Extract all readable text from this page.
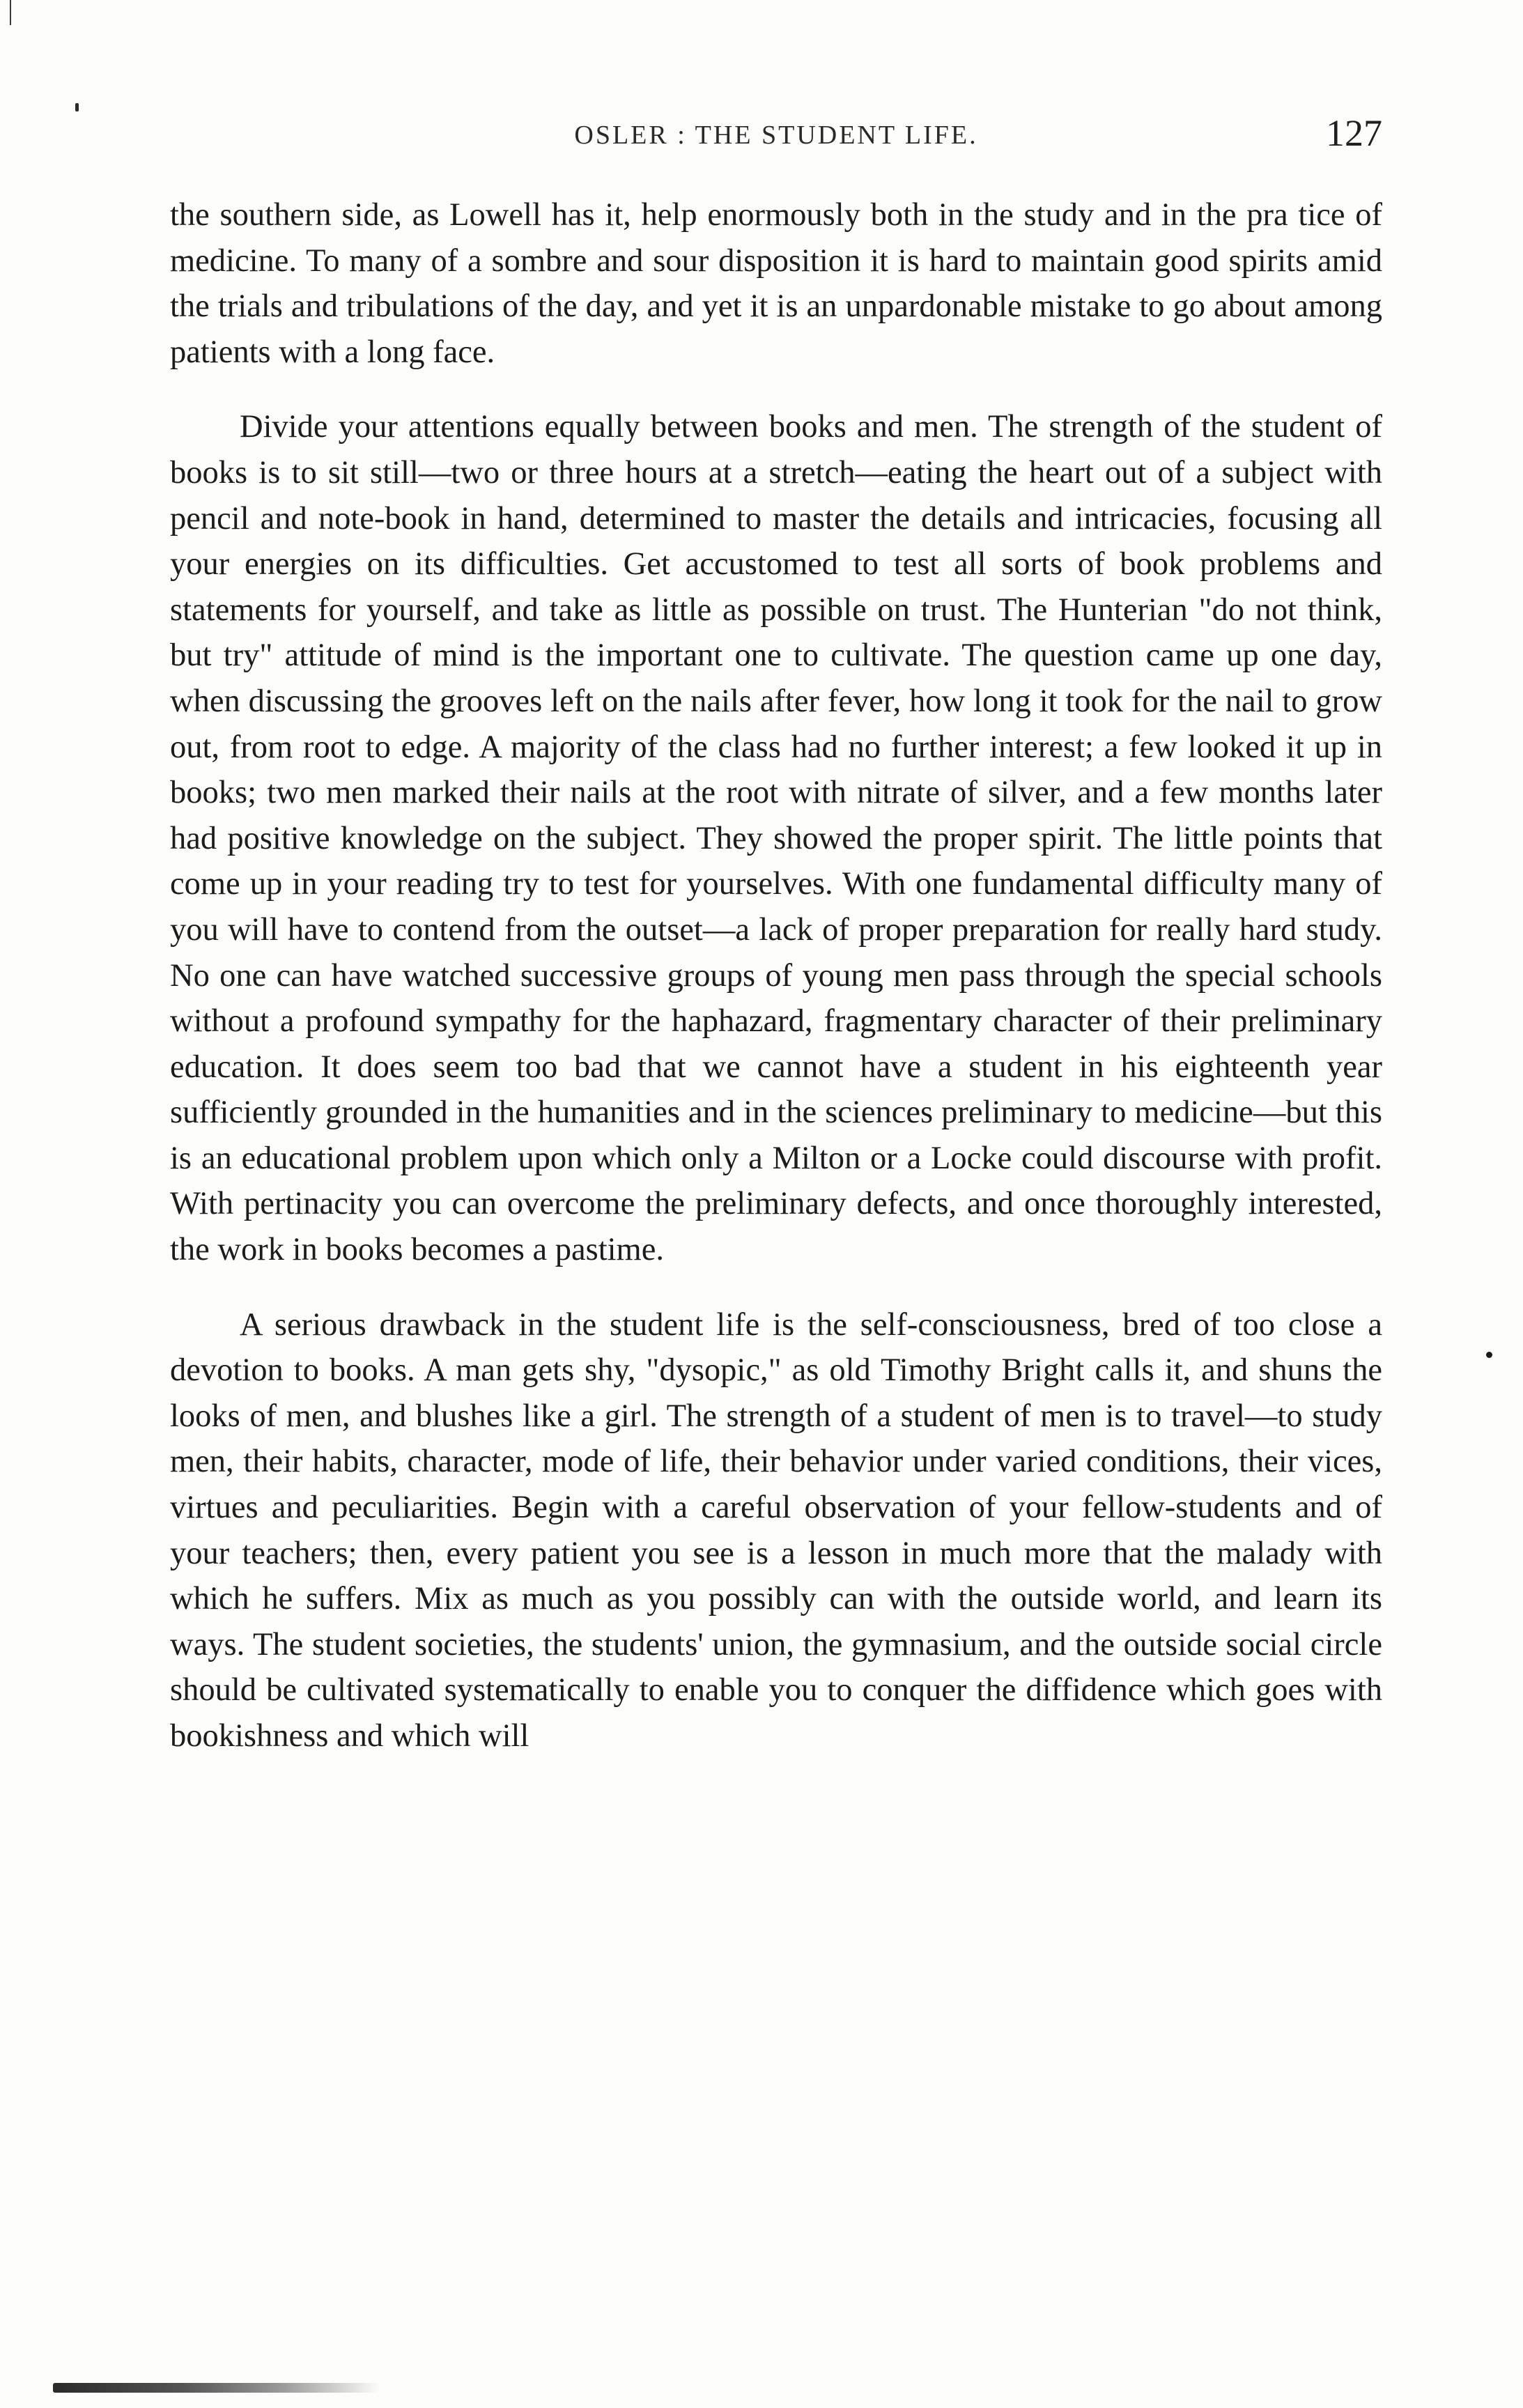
OSLER : THE STUDENT LIFE.	127

the southern side, as Lowell has it, help enormously both in the study and in the pra tice of medicine. To many of a sombre and sour disposition it is hard to maintain good spirits amid the trials and tribulations of the day, and yet it is an unpardonable mistake to go about among patients with a long face.

Divide your attentions equally between books and men. The strength of the student of books is to sit still—two or three hours at a stretch—eating the heart out of a subject with pencil and note-book in hand, determined to master the details and intricacies, focusing all your energies on its difficulties. Get accustomed to test all sorts of book problems and statements for yourself, and take as little as possible on trust. The Hunterian "do not think, but try" attitude of mind is the important one to cultivate. The question came up one day, when discussing the grooves left on the nails after fever, how long it took for the nail to grow out, from root to edge. A majority of the class had no further interest; a few looked it up in books; two men marked their nails at the root with nitrate of silver, and a few months later had positive knowledge on the subject. They showed the proper spirit. The little points that come up in your reading try to test for yourselves. With one fundamental difficulty many of you will have to contend from the outset—a lack of proper preparation for really hard study. No one can have watched successive groups of young men pass through the special schools without a profound sympathy for the haphazard, fragmentary character of their preliminary education. It does seem too bad that we cannot have a student in his eighteenth year sufficiently grounded in the humanities and in the sciences preliminary to medicine—but this is an educational problem upon which only a Milton or a Locke could discourse with profit. With pertinacity you can overcome the preliminary defects, and once thoroughly interested, the work in books becomes a pastime.

A serious drawback in the student life is the self-consciousness, bred of too close a devotion to books. A man gets shy, "dysopic," as old Timothy Bright calls it, and shuns the looks of men, and blushes like a girl. The strength of a student of men is to travel—to study men, their habits, character, mode of life, their behavior under varied conditions, their vices, virtues and peculiarities. Begin with a careful observation of your fellow-students and of your teachers; then, every patient you see is a lesson in much more that the malady with which he suffers. Mix as much as you possibly can with the outside world, and learn its ways. The student societies, the students' union, the gymnasium, and the outside social circle should be cultivated systematically to enable you to conquer the diffidence which goes with bookishness and which will
